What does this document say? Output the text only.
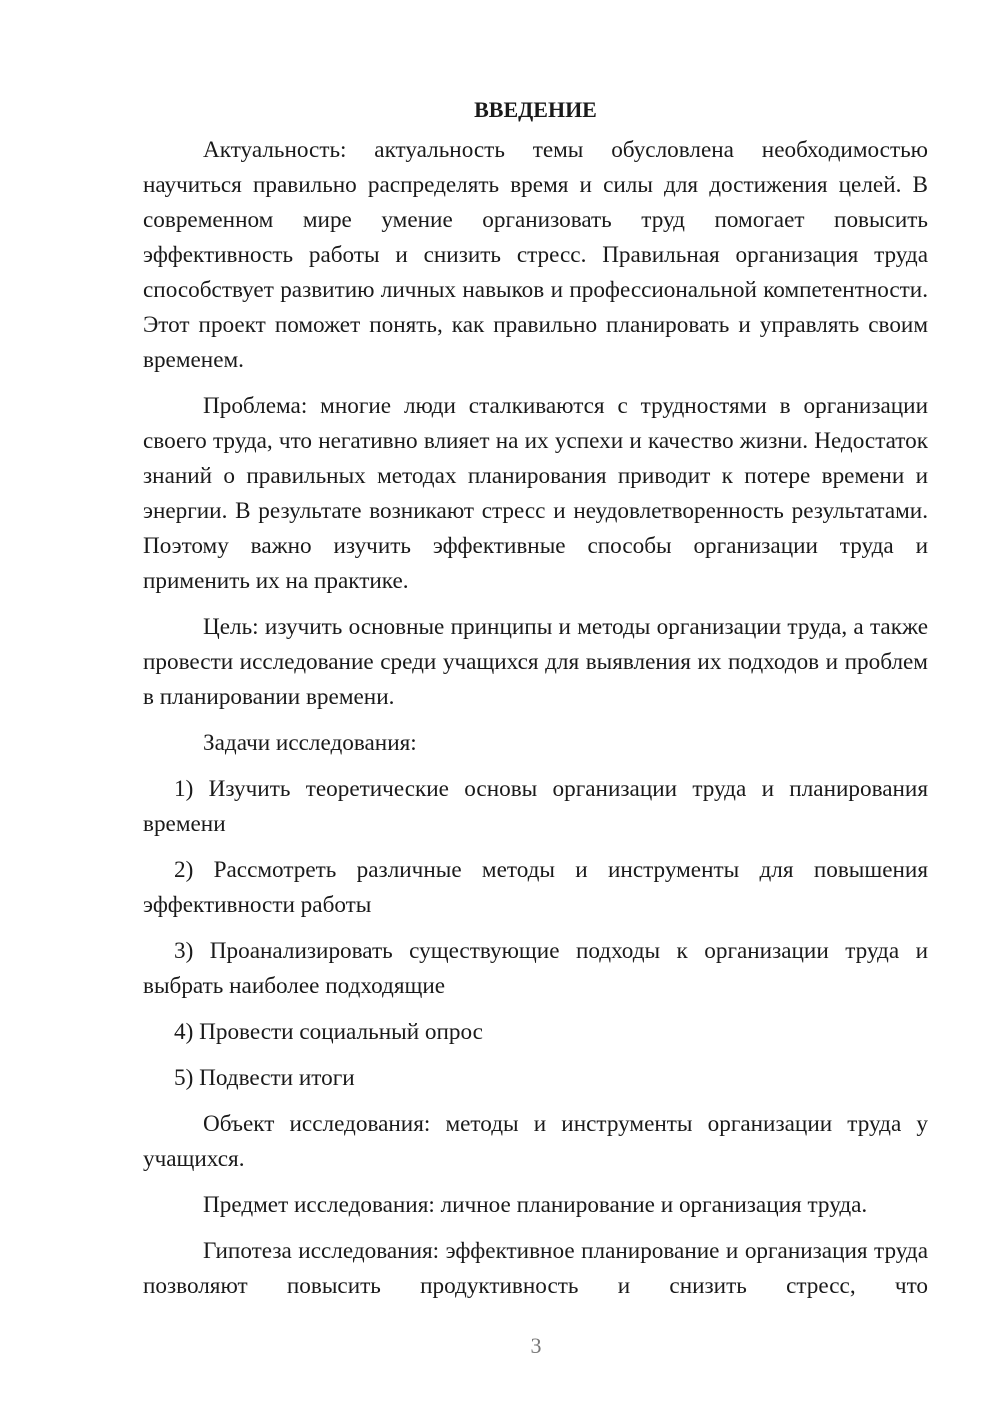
ВВЕДЕНИЕ

Актуальность: актуальность темы обусловлена необходимостью научиться правильно распределять время и силы для достижения целей. В современном мире умение организовать труд помогает повысить эффективность работы и снизить стресс. Правильная организация труда способствует развитию личных навыков и профессиональной компетентности. Этот проект поможет понять, как правильно планировать и управлять своим временем.

Проблема: многие люди сталкиваются с трудностями в организации своего труда, что негативно влияет на их успехи и качество жизни. Недостаток знаний о правильных методах планирования приводит к потере времени и энергии. В результате возникают стресс и неудовлетворенность результатами. Поэтому важно изучить эффективные способы организации труда и применить их на практике.

Цель: изучить основные принципы и методы организации труда, а также провести исследование среди учащихся для выявления их подходов и проблем в планировании времени.

Задачи исследования:

1) Изучить теоретические основы организации труда и планирования времени

2) Рассмотреть различные методы и инструменты для повышения эффективности работы

3) Проанализировать существующие подходы к организации труда и выбрать наиболее подходящие

4) Провести социальный опрос

5) Подвести итоги

Объект исследования: методы и инструменты организации труда у учащихся.

Предмет исследования: личное планирование и организация труда.

Гипотеза исследования: эффективное планирование и организация труда позволяют повысить продуктивность и снизить стресс, что

3
